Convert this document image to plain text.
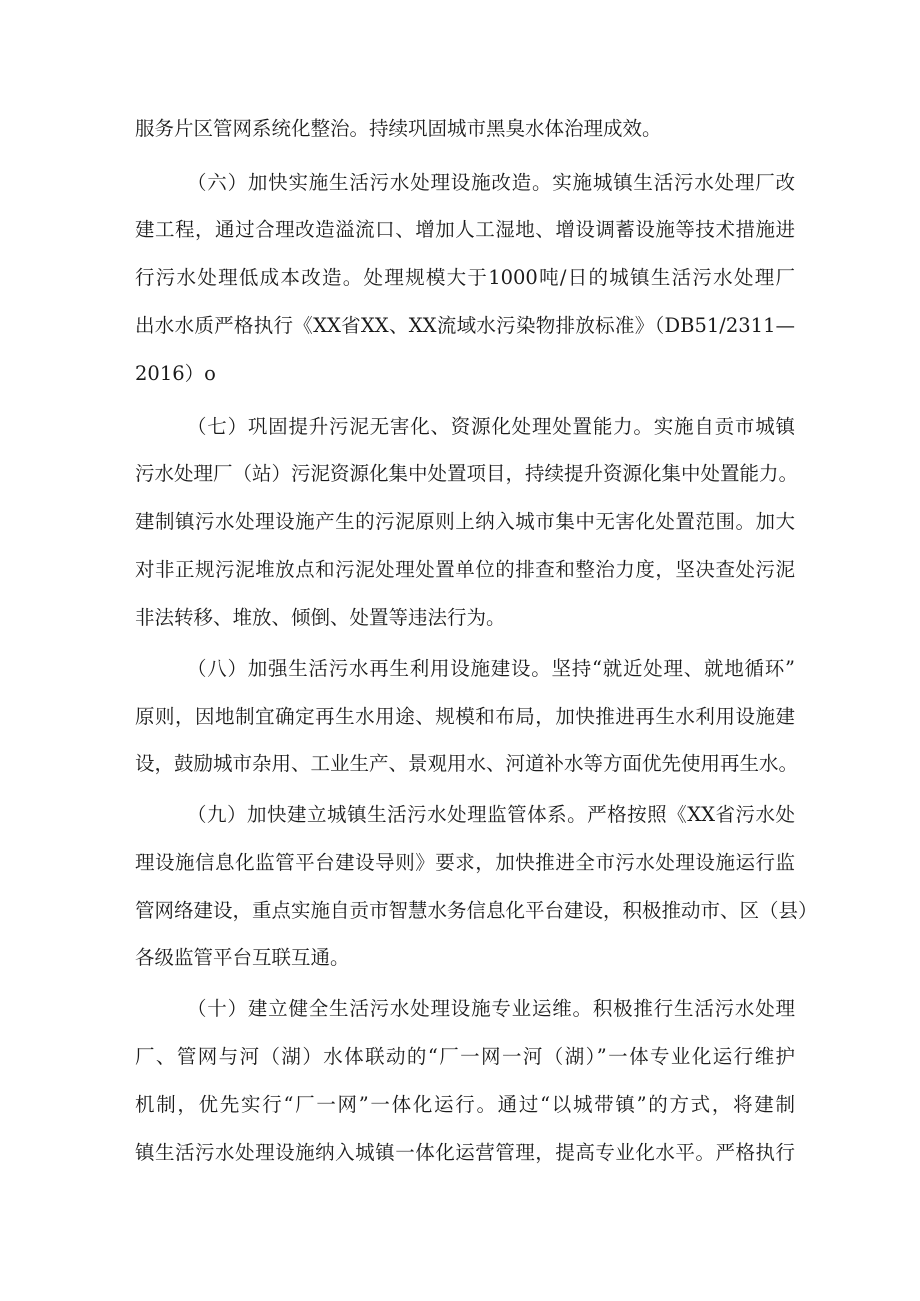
服务片区管网系统化整治。持续巩固城市黑臭水体治理成效。
（六）加快实施生活污水处理设施改造。实施城镇生活污水处理厂改
建工程，通过合理改造溢流口、增加人工湿地、增设调蓄设施等技术措施进
行污水处理低成本改造。处理规模大于1000吨/日的城镇生活污水处理厂
出水水质严格执行《XX省XX、XX流域水污染物排放标准》（DB51/2311—
2016）o
（七）巩固提升污泥无害化、资源化处理处置能力。实施自贡市城镇
污水处理厂（站）污泥资源化集中处置项目，持续提升资源化集中处置能力。
建制镇污水处理设施产生的污泥原则上纳入城市集中无害化处置范围。加大
对非正规污泥堆放点和污泥处理处置单位的排查和整治力度，坚决查处污泥
非法转移、堆放、倾倒、处置等违法行为。
（八）加强生活污水再生利用设施建设。坚持“就近处理、就地循环”
原则，因地制宜确定再生水用途、规模和布局，加快推进再生水利用设施建
设，鼓励城市杂用、工业生产、景观用水、河道补水等方面优先使用再生水。
（九）加快建立城镇生活污水处理监管体系。严格按照《XX省污水处
理设施信息化监管平台建设导则》要求，加快推进全市污水处理设施运行监
管网络建设，重点实施自贡市智慧水务信息化平台建设，积极推动市、区（县）
各级监管平台互联互通。
（十）建立健全生活污水处理设施专业运维。积极推行生活污水处理
厂、管网与河（湖）水体联动的“厂一网一河（湖）”一体专业化运行维护
机制，优先实行“厂一网”一体化运行。通过“以城带镇”的方式，将建制
镇生活污水处理设施纳入城镇一体化运营管理，提高专业化水平。严格执行
